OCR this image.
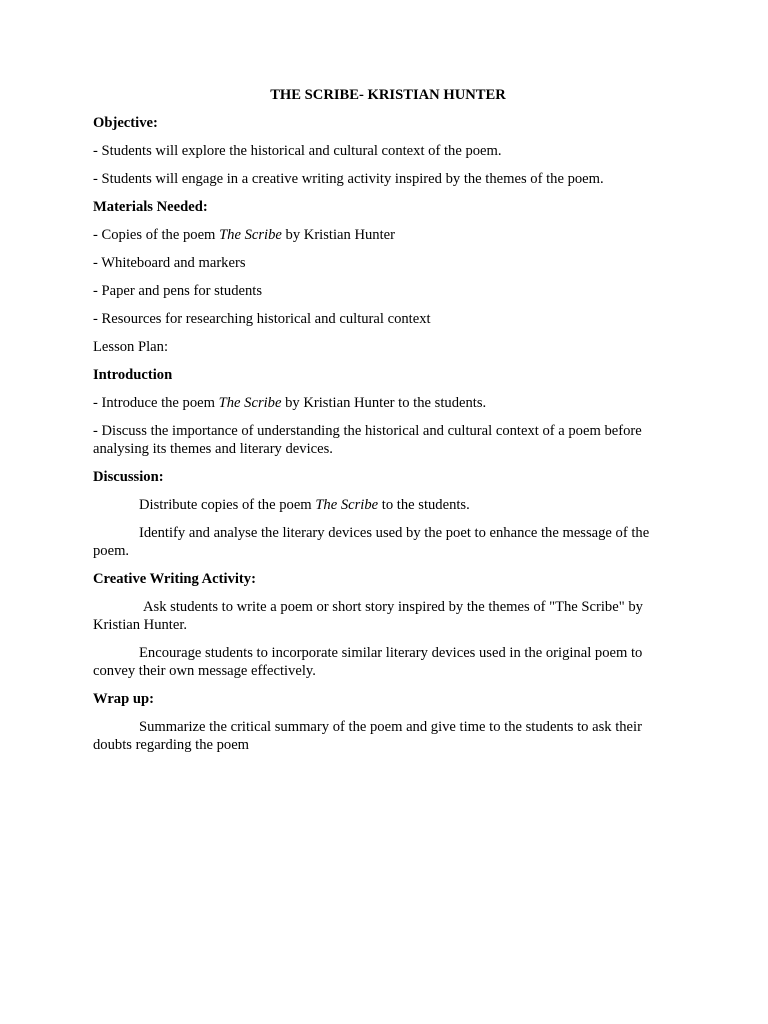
THE SCRIBE- KRISTIAN HUNTER

Objective:

- Students will explore the historical and cultural context of the poem.

- Students will engage in a creative writing activity inspired by the themes of the poem.

Materials Needed:

- Copies of the poem The Scribe by Kristian Hunter

- Whiteboard and markers

- Paper and pens for students

- Resources for researching historical and cultural context

Lesson Plan:

Introduction

- Introduce the poem The Scribe by Kristian Hunter to the students.

- Discuss the importance of understanding the historical and cultural context of a poem before analysing its themes and literary devices.

Discussion:

Distribute copies of the poem The Scribe to the students.

Identify and analyse the literary devices used by the poet to enhance the message of the poem.

Creative Writing Activity:

Ask students to write a poem or short story inspired by the themes of "The Scribe" by Kristian Hunter.

Encourage students to incorporate similar literary devices used in the original poem to convey their own message effectively.

Wrap up:

Summarize the critical summary of the poem and give time to the students to ask their doubts regarding the poem
